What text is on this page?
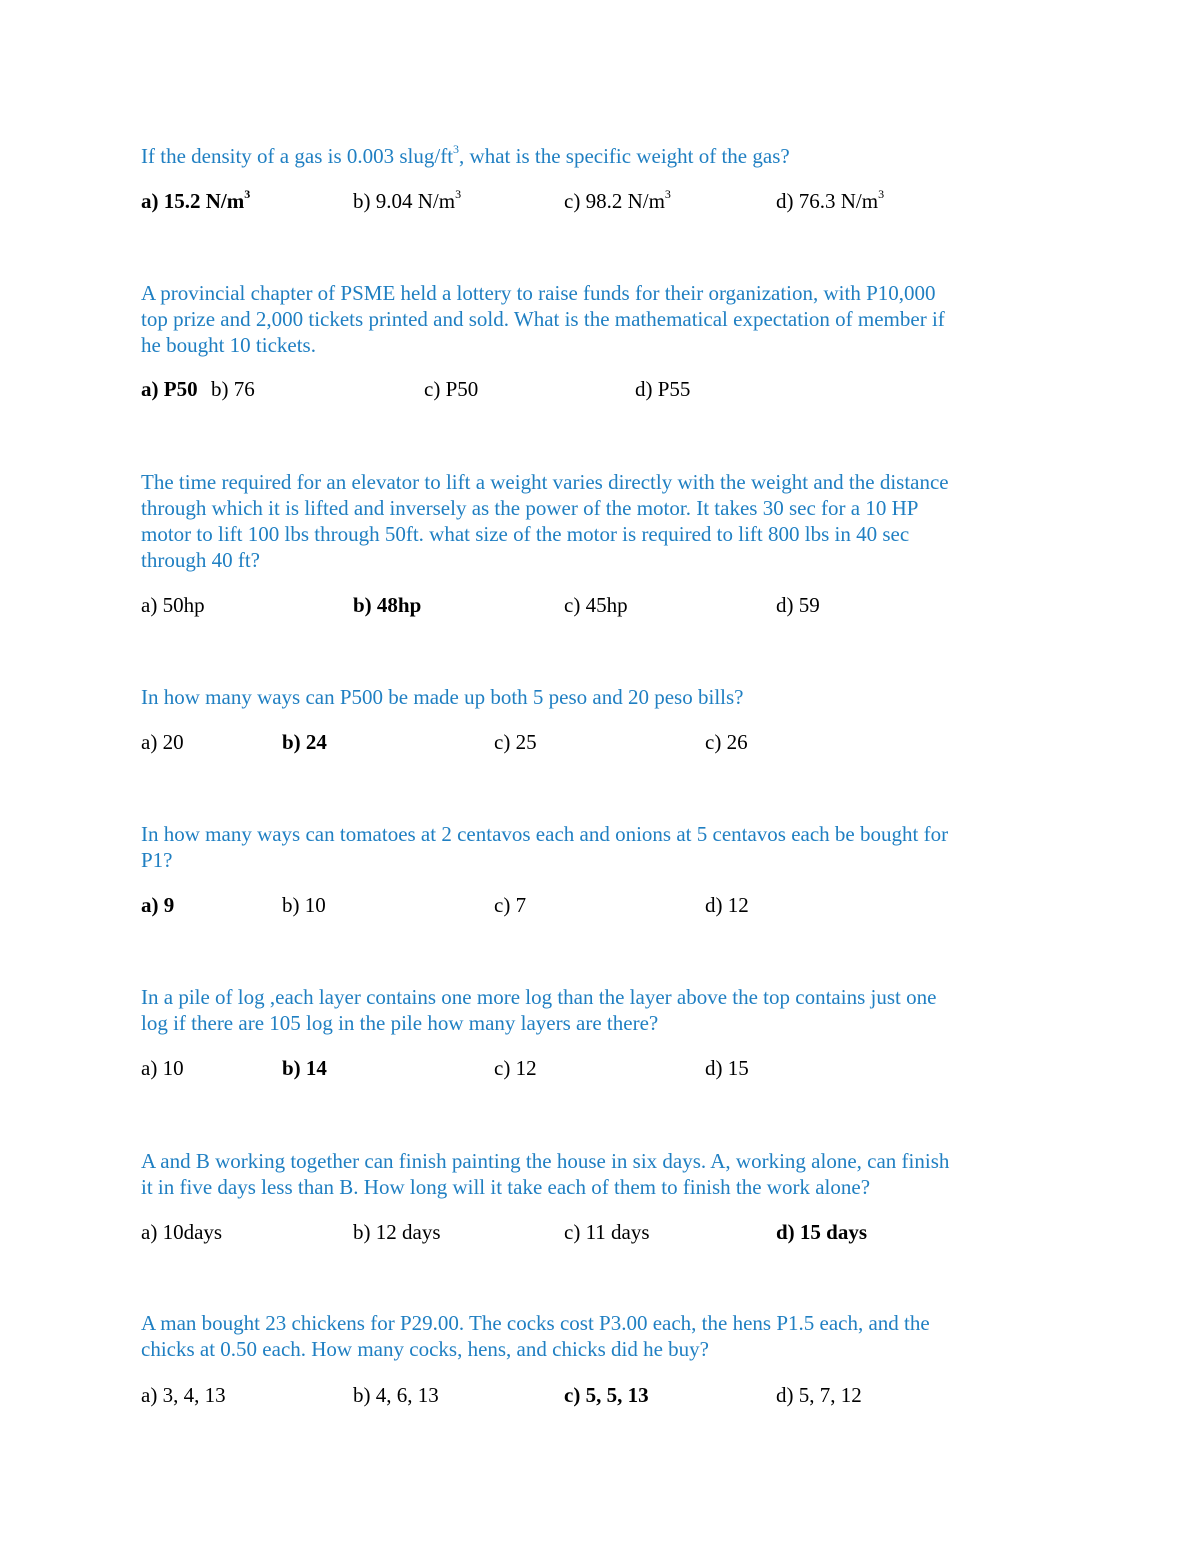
If the density of a gas is 0.003 slug/$ft^3$, what is the specific weight of the gas?

a) 15.2 $N/m^3$	b) 9.04 $N/m^3$	c) 98.2 $N/m^3$	d) 76.3 $N/m^3$

A provincial chapter of PSME held a lottery to raise funds for their organization, with P10,000
top prize and 2,000 tickets printed and sold. What is the mathematical expectation of member if
he bought 10 tickets.

a) P50 b) 76	c) P50	d) P55

The time required for an elevator to lift a weight varies directly with the weight and the distance
through which it is lifted and inversely as the power of the motor. It takes 30 sec for a 10 HP
motor to lift 100 lbs through 50ft. what size of the motor is required to lift 800 lbs in 40 sec
through 40 ft?

a) 50hp	b) 48hp	c) 45hp	d) 59

In how many ways can P500 be made up both 5 peso and 20 peso bills?

a) 20	b) 24	c) 25	c) 26

In how many ways can tomatoes at 2 centavos each and onions at 5 centavos each be bought for
P1?

a) 9	b) 10	c) 7	d) 12

In a pile of log ,each layer contains one more log than the layer above the top contains just one
log if there are 105 log in the pile how many layers are there?

a) 10	b) 14	c) 12	d) 15

A and B working together can finish painting the house in six days. A, working alone, can finish
it in five days less than B. How long will it take each of them to finish the work alone?

a) 10days	b) 12 days	c) 11 days	d) 15 days

A man bought 23 chickens for P29.00. The cocks cost P3.00 each, the hens P1.5 each, and the
chicks at 0.50 each. How many cocks, hens, and chicks did he buy?

a) 3, 4, 13	b) 4, 6, 13	c) 5, 5, 13	d) 5, 7, 12
